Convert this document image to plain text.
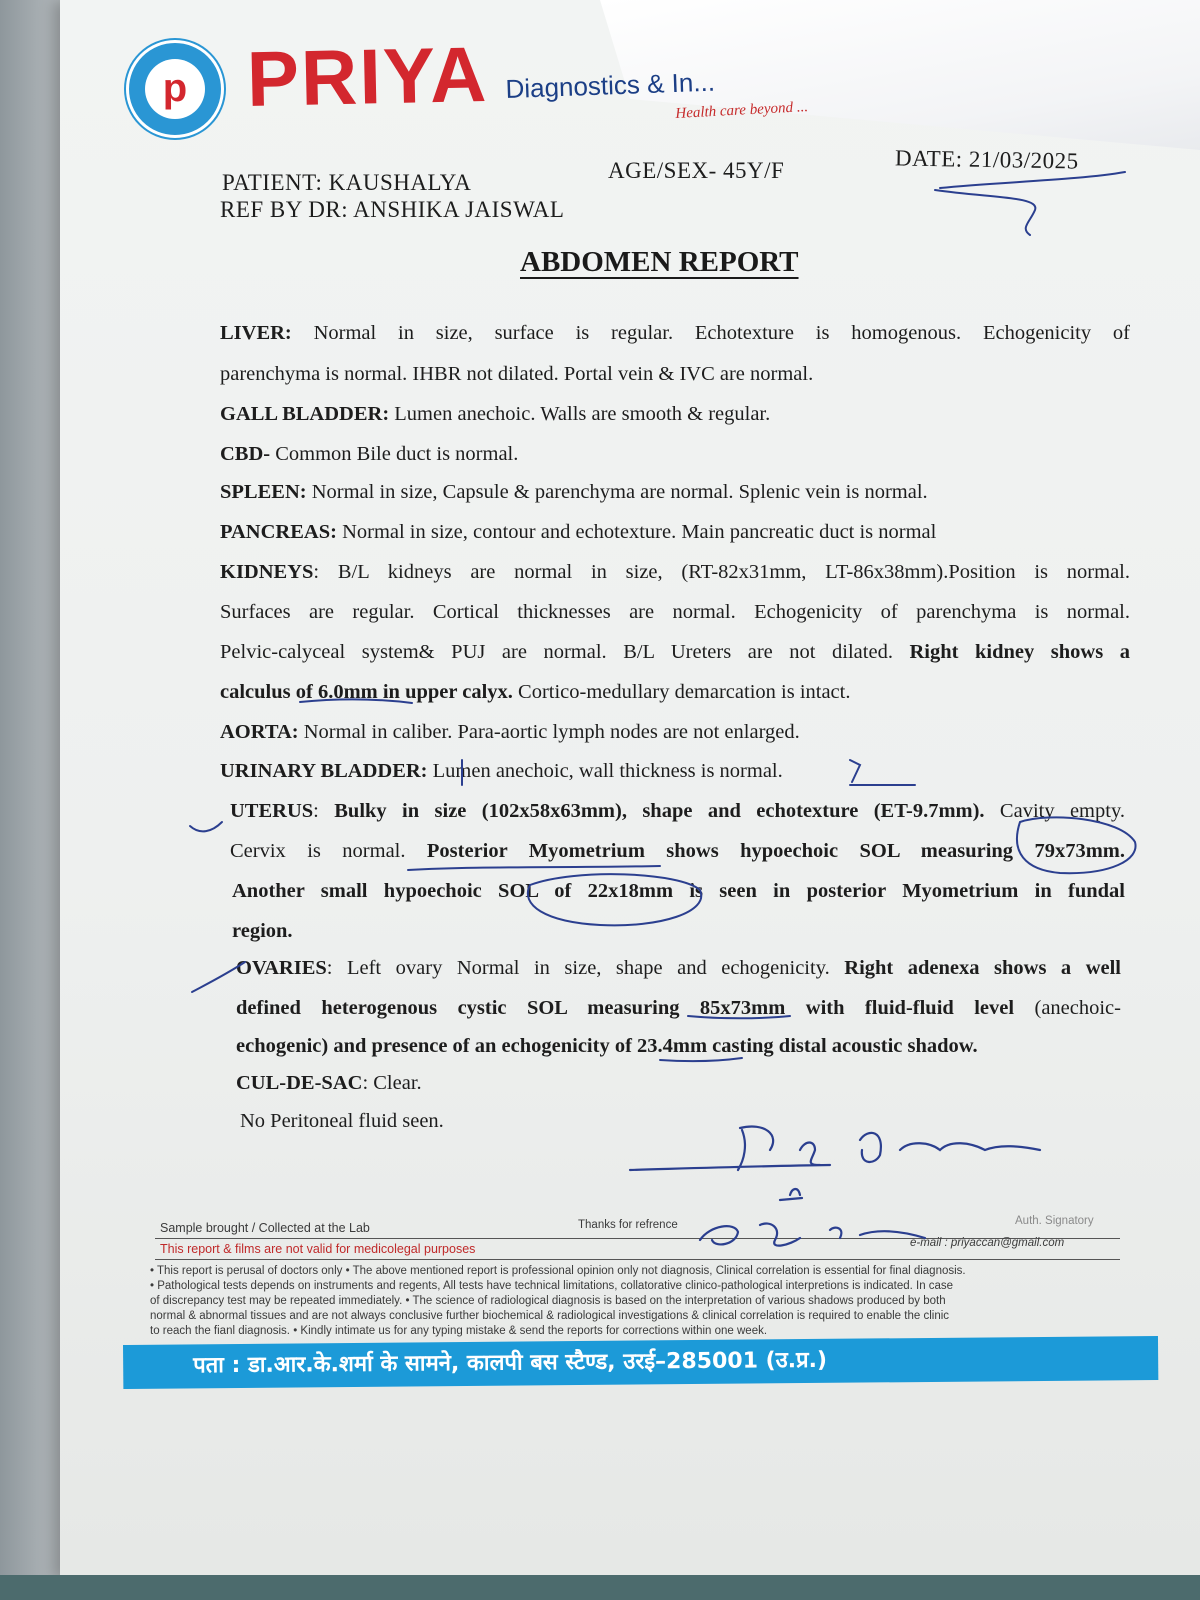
p PRIYA Diagnostics & In...
Health care beyond ...
PATIENT: KAUSHALYA	AGE/SEX- 45Y/F	DATE: 21/03/2025
REF BY DR: ANSHIKA JAISWAL
ABDOMEN REPORT
LIVER: Normal in size, surface is regular. Echotexture is homogenous. Echogenicity of
parenchyma is normal. IHBR not dilated. Portal vein & IVC are normal.
GALL BLADDER: Lumen anechoic. Walls are smooth & regular.
CBD- Common Bile duct is normal.
SPLEEN: Normal in size, Capsule & parenchyma are normal. Splenic vein is normal.
PANCREAS: Normal in size, contour and echotexture. Main pancreatic duct is normal
KIDNEYS: B/L kidneys are normal in size, (RT-82x31mm, LT-86x38mm).Position is normal.
Surfaces are regular. Cortical thicknesses are normal. Echogenicity of parenchyma is normal.
Pelvic-calyceal system& PUJ are normal. B/L Ureters are not dilated. Right kidney shows a
calculus of 6.0mm in upper calyx. Cortico-medullary demarcation is intact.
AORTA: Normal in caliber. Para-aortic lymph nodes are not enlarged.
URINARY BLADDER: Lumen anechoic, wall thickness is normal.
UTERUS: Bulky in size (102x58x63mm), shape and echotexture (ET-9.7mm). Cavity empty.
Cervix is normal. Posterior Myometrium shows hypoechoic SOL measuring 79x73mm.
Another small hypoechoic SOL of 22x18mm is seen in posterior Myometrium in fundal
region.
OVARIES: Left ovary Normal in size, shape and echogenicity. Right adenexa shows a well
defined heterogenous cystic SOL measuring 85x73mm with fluid-fluid level (anechoic-
echogenic) and presence of an echogenicity of 23.4mm casting distal acoustic shadow.
CUL-DE-SAC: Clear.
No Peritoneal fluid seen.
Sample brought / Collected at the Lab	Thanks for refrence	Auth. Signatory
This report & films are not valid for medicolegal purposes	e-mail : priyaccan@gmail.com
• This report is perusal of doctors only • The above mentioned report is professional opinion only not diagnosis, Clinical correlation is essential for final diagnosis.
• Pathological tests depends on instruments and regents, All tests have technical limitations, collatorative clinico-pathological interpretions is indicated. In case
of discrepancy test may be repeated immediately. • The science of radiological diagnosis is based on the interpretation of various shadows produced by both
normal & abnormal tissues and are not always conclusive further biochemical & radiological investigations & clinical correlation is required to enable the clinic
to reach the fianl diagnosis. • Kindly intimate us for any typing mistake & send the reports for corrections within one week.
पता : डा.आर.के.शर्मा के सामने, कालपी बस स्टैण्ड, उरई–285001 (उ.प्र.)
